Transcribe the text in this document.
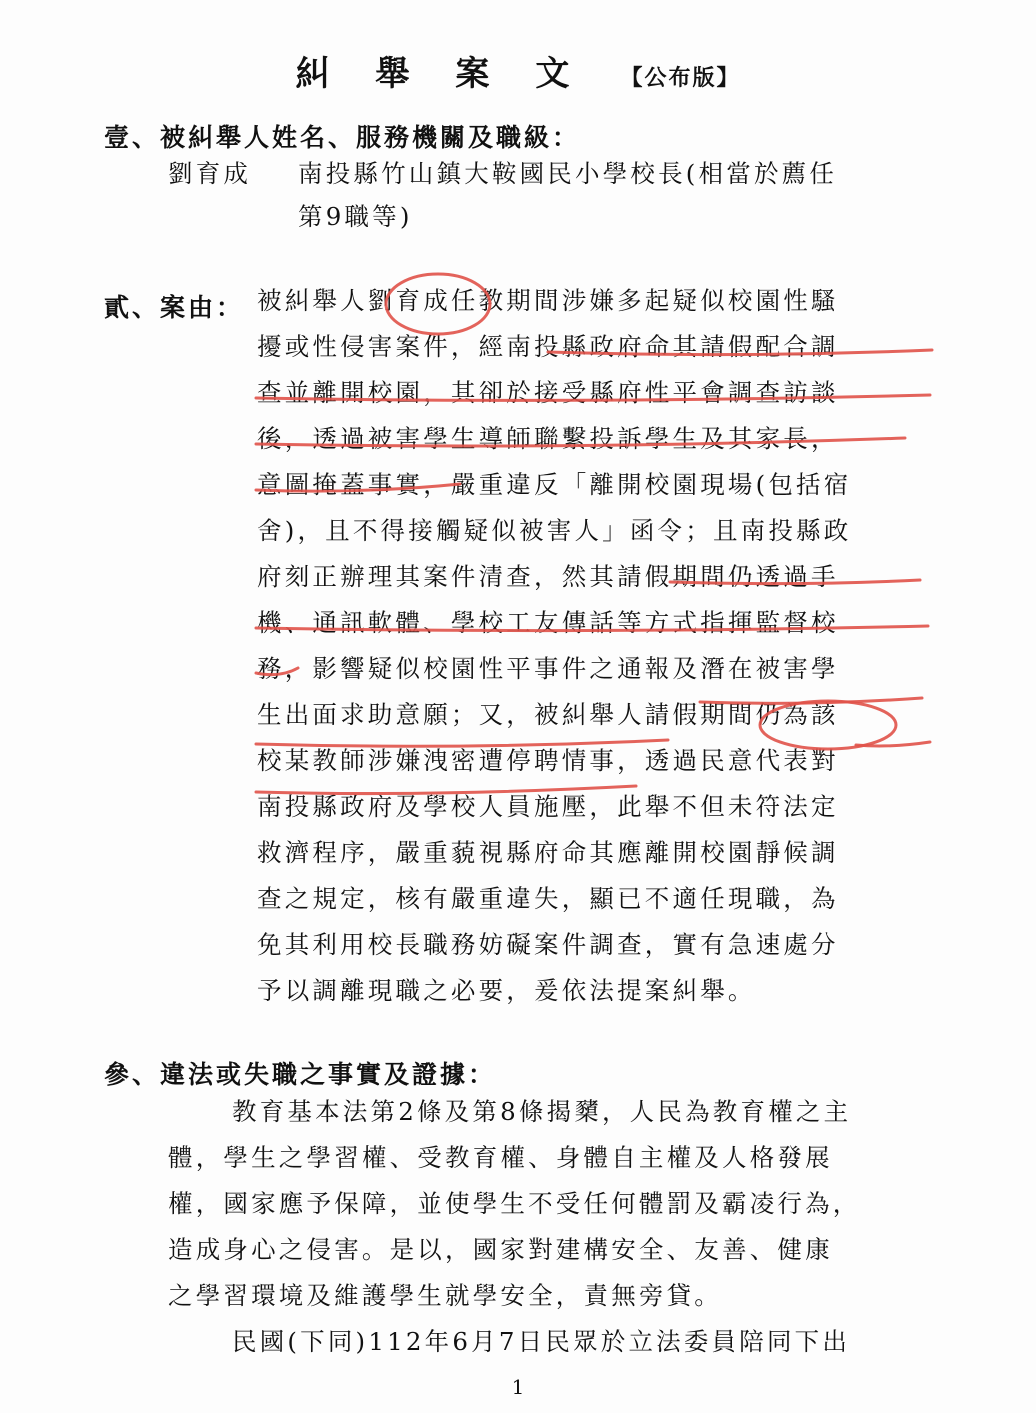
糾舉案文 【公布版】
壹、被糾舉人姓名、服務機關及職級：
劉育成 南投縣竹山鎮大鞍國民小學校長(相當於薦任
第9職等)
貳、案由： 被糾舉人劉育成任教期間涉嫌多起疑似校園性騷
擾或性侵害案件，經南投縣政府命其請假配合調
查並離開校園，其卻於接受縣府性平會調查訪談
後，透過被害學生導師聯繫投訴學生及其家長，
意圖掩蓋事實，嚴重違反「離開校園現場(包括宿
舍)，且不得接觸疑似被害人」函令；且南投縣政
府刻正辦理其案件清查，然其請假期間仍透過手
機、通訊軟體、學校工友傳話等方式指揮監督校
務，影響疑似校園性平事件之通報及潛在被害學
生出面求助意願；又，被糾舉人請假期間仍為該
校某教師涉嫌洩密遭停聘情事，透過民意代表對
南投縣政府及學校人員施壓，此舉不但未符法定
救濟程序，嚴重藐視縣府命其應離開校園靜候調
查之規定，核有嚴重違失，顯已不適任現職，為
免其利用校長職務妨礙案件調查，實有急速處分
予以調離現職之必要，爰依法提案糾舉。
參、違法或失職之事實及證據：
教育基本法第2條及第8條揭櫫，人民為教育權之主
體，學生之學習權、受教育權、身體自主權及人格發展
權，國家應予保障，並使學生不受任何體罰及霸凌行為，
造成身心之侵害。是以，國家對建構安全、友善、健康
之學習環境及維護學生就學安全，責無旁貸。
民國(下同)112年6月7日民眾於立法委員陪同下出
1
